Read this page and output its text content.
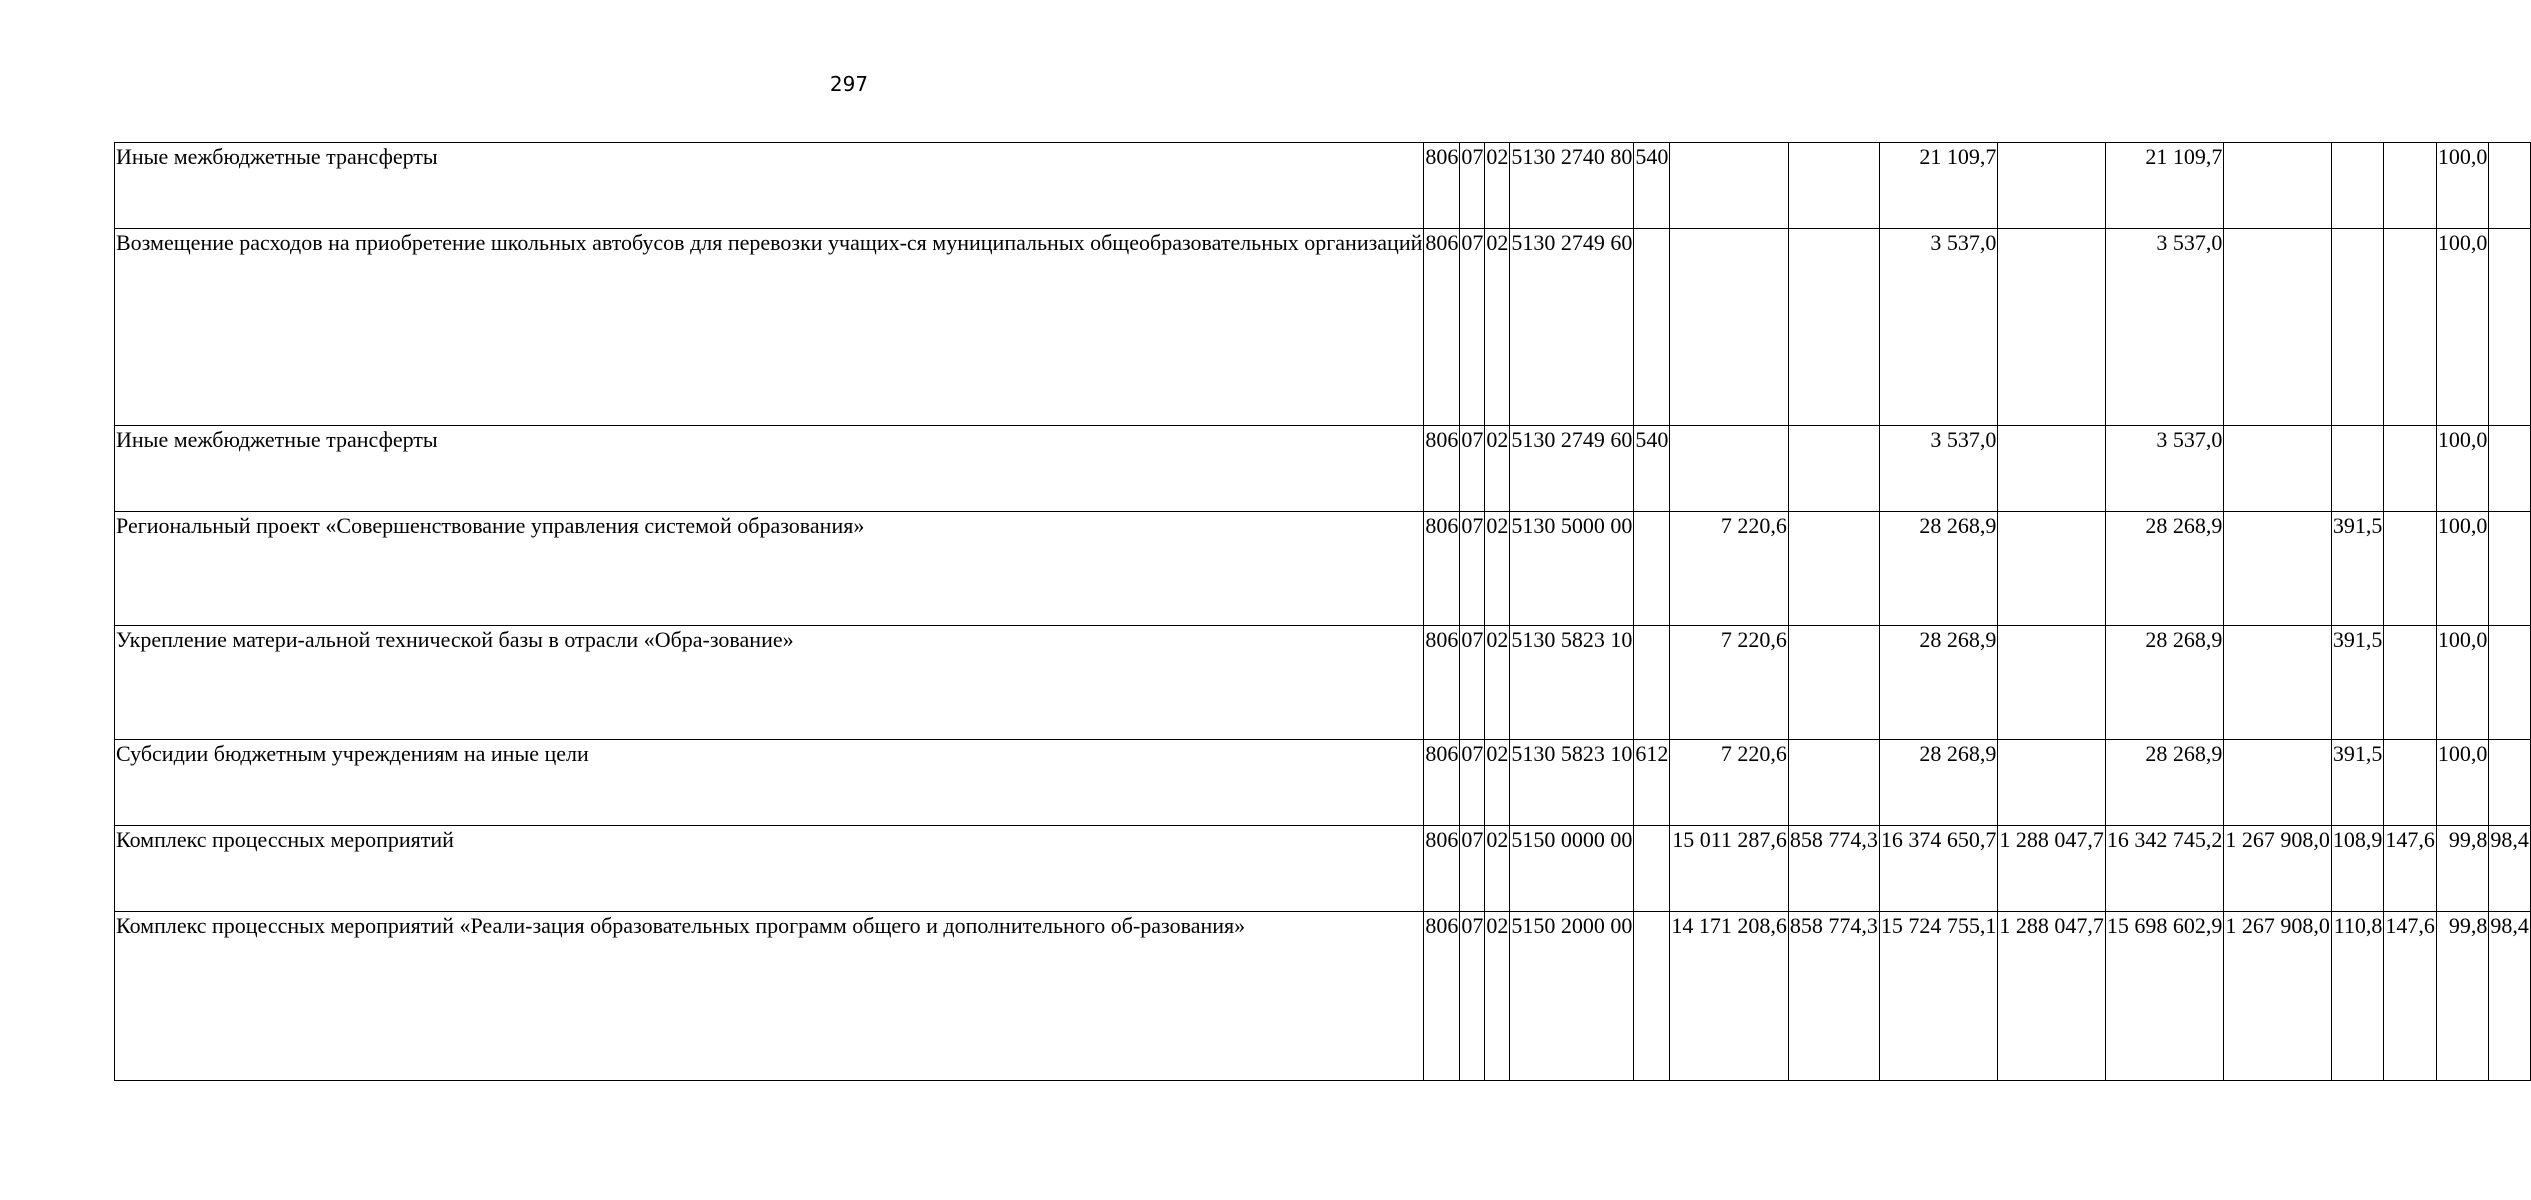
297
Иные межбюджетные трансферты	806	07	02	5130 2740 80	540			21 109,7		21 109,7				100,0	
Возмещение расходов на приобретение школьных автобусов для перевозки учащих-ся муниципальных общеобразовательных организаций	806	07	02	5130 2749 60				3 537,0		3 537,0				100,0	
Иные межбюджетные трансферты	806	07	02	5130 2749 60	540			3 537,0		3 537,0				100,0	
Региональный проект «Совершенствование управления системой образования»	806	07	02	5130 5000 00		7 220,6		28 268,9		28 268,9		391,5		100,0	
Укрепление матери-альной технической базы в отрасли «Обра-зование»	806	07	02	5130 5823 10		7 220,6		28 268,9		28 268,9		391,5		100,0	
Субсидии бюджетным учреждениям на иные цели	806	07	02	5130 5823 10	612	7 220,6		28 268,9		28 268,9		391,5		100,0	
Комплекс процессных мероприятий	806	07	02	5150 0000 00		15 011 287,6	858 774,3	16 374 650,7	1 288 047,7	16 342 745,2	1 267 908,0	108,9	147,6	99,8	98,4
Комплекс процессных мероприятий «Реали-зация образовательных программ общего и дополнительного об-разования»	806	07	02	5150 2000 00		14 171 208,6	858 774,3	15 724 755,1	1 288 047,7	15 698 602,9	1 267 908,0	110,8	147,6	99,8	98,4
